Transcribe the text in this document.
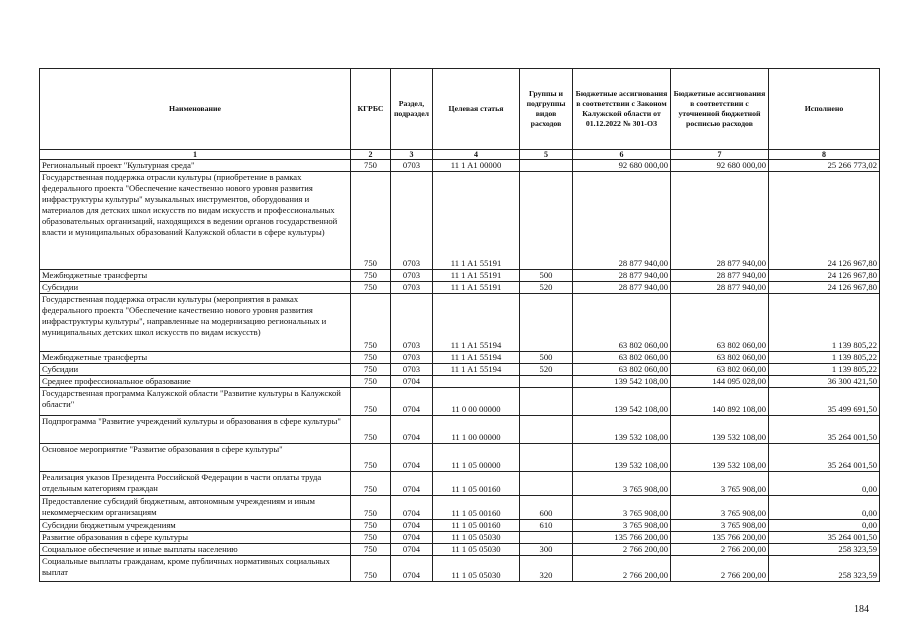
Наименование	КГРБС	Раздел, подраздел	Целевая статья	Группы и подгруппы видов расходов	Бюджетные ассигнования в соответствии с Законом Калужской области от 01.12.2022 № 301-ОЗ	Бюджетные ассигнования в соответствии с уточненной бюджетной росписью расходов	Исполнено
1	2	3	4	5	6	7	8
Региональный проект "Культурная среда"	750	0703	11 1 A1 00000		92 680 000,00	92 680 000,00	25 266 773,02
Государственная поддержка отрасли культуры (приобретение в рамках федерального проекта "Обеспечение качественно нового уровня развития инфраструктуры культуры" музыкальных инструментов, оборудования и материалов для детских школ искусств по видам искусств и профессиональных образовательных организаций, находящихся в ведении органов государственной власти и муниципальных образований Калужской области в сфере культуры)	750	0703	11 1 A1 55191		28 877 940,00	28 877 940,00	24 126 967,80
Межбюджетные трансферты	750	0703	11 1 A1 55191	500	28 877 940,00	28 877 940,00	24 126 967,80
Субсидии	750	0703	11 1 A1 55191	520	28 877 940,00	28 877 940,00	24 126 967,80
Государственная поддержка отрасли культуры (мероприятия в рамках федерального проекта "Обеспечение качественно нового уровня развития инфраструктуры культуры", направленные на модернизацию региональных и муниципальных детских школ искусств по видам искусств)	750	0703	11 1 A1 55194		63 802 060,00	63 802 060,00	1 139 805,22
Межбюджетные трансферты	750	0703	11 1 A1 55194	500	63 802 060,00	63 802 060,00	1 139 805,22
Субсидии	750	0703	11 1 A1 55194	520	63 802 060,00	63 802 060,00	1 139 805,22
Среднее профессиональное образование	750	0704			139 542 108,00	144 095 028,00	36 300 421,50
Государственная программа Калужской области "Развитие культуры в Калужской области"	750	0704	11 0 00 00000		139 542 108,00	140 892 108,00	35 499 691,50
Подпрограмма "Развитие учреждений культуры и образования в сфере культуры"	750	0704	11 1 00 00000		139 532 108,00	139 532 108,00	35 264 001,50
Основное мероприятие "Развитие образования в сфере культуры"	750	0704	11 1 05 00000		139 532 108,00	139 532 108,00	35 264 001,50
Реализация указов Президента Российской Федерации в части оплаты труда отдельным категориям граждан	750	0704	11 1 05 00160		3 765 908,00	3 765 908,00	0,00
Предоставление субсидий бюджетным, автономным учреждениям и иным некоммерческим организациям	750	0704	11 1 05 00160	600	3 765 908,00	3 765 908,00	0,00
Субсидии бюджетным учреждениям	750	0704	11 1 05 00160	610	3 765 908,00	3 765 908,00	0,00
Развитие образования в сфере культуры	750	0704	11 1 05 05030		135 766 200,00	135 766 200,00	35 264 001,50
Социальное обеспечение и иные выплаты населению	750	0704	11 1 05 05030	300	2 766 200,00	2 766 200,00	258 323,59
Социальные выплаты гражданам, кроме публичных нормативных социальных выплат	750	0704	11 1 05 05030	320	2 766 200,00	2 766 200,00	258 323,59
184
